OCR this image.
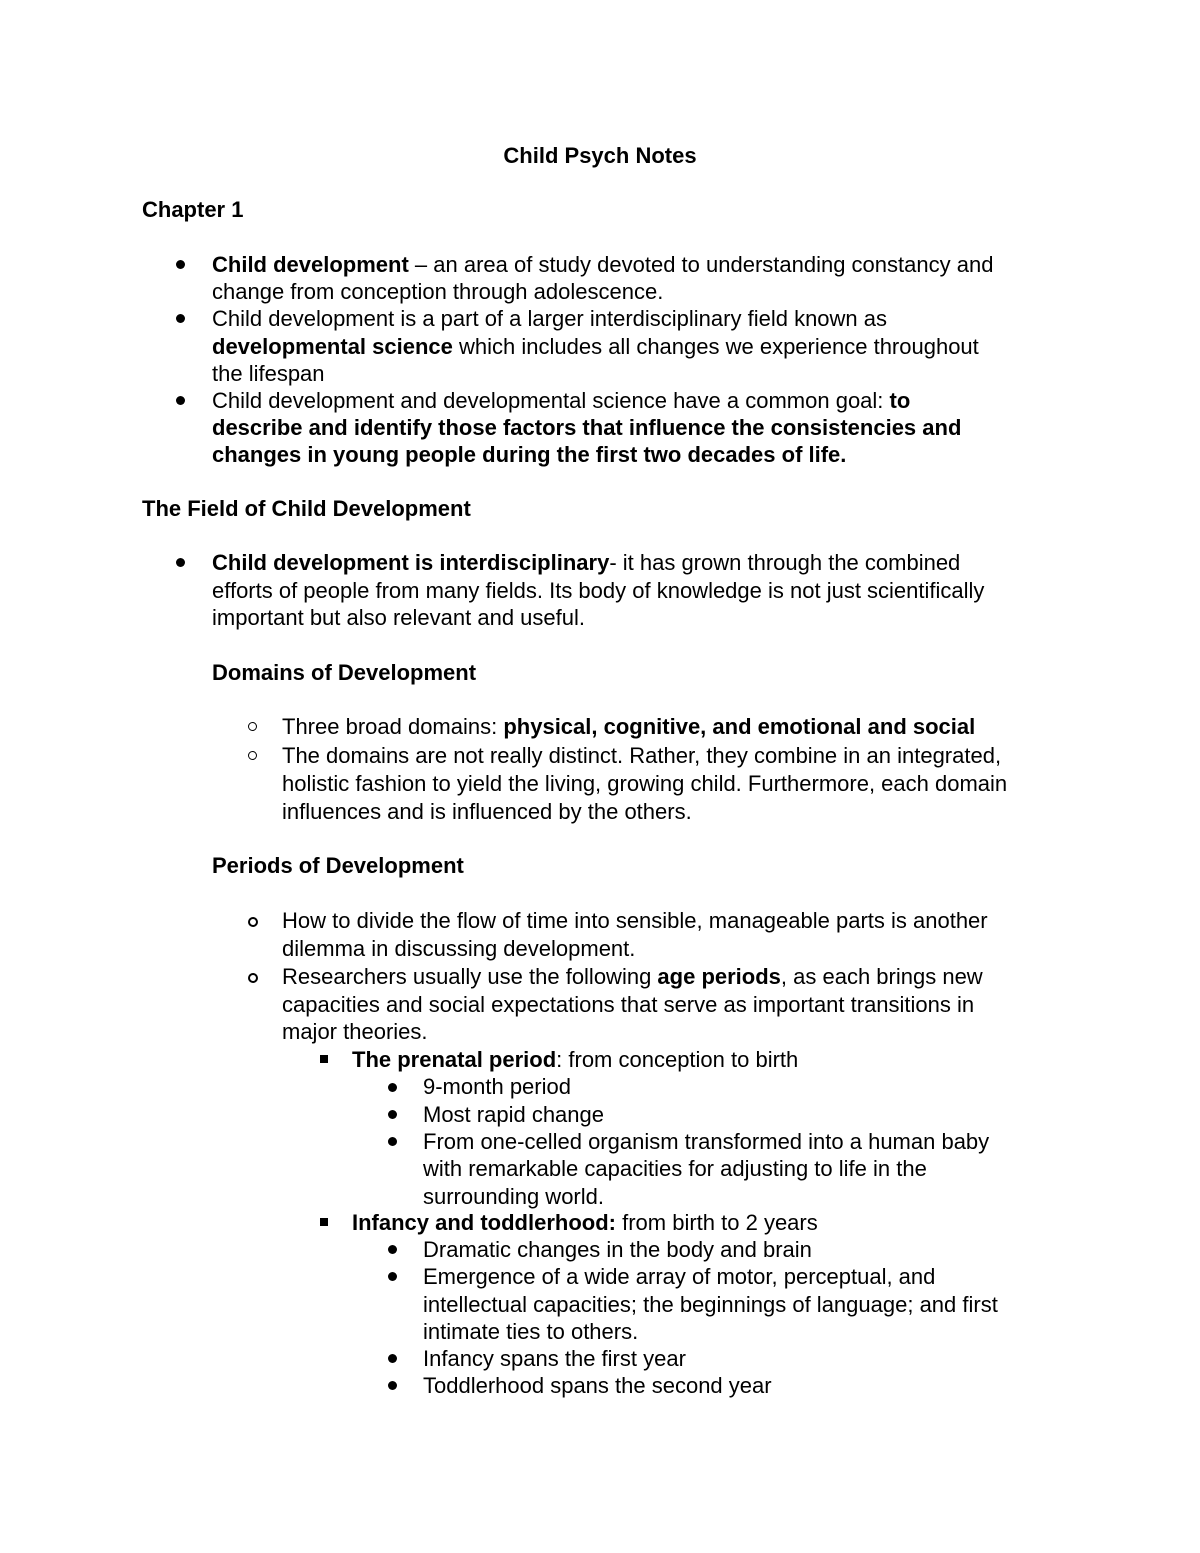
Child Psych Notes
Chapter 1
Child development – an area of study devoted to understanding constancy and
change from conception through adolescence.
Child development is a part of a larger interdisciplinary field known as
developmental science which includes all changes we experience throughout
the lifespan
Child development and developmental science have a common goal: to
describe and identify those factors that influence the consistencies and
changes in young people during the first two decades of life.
The Field of Child Development
Child development is interdisciplinary- it has grown through the combined
efforts of people from many fields. Its body of knowledge is not just scientifically
important but also relevant and useful.
Domains of Development
Three broad domains: physical, cognitive, and emotional and social
The domains are not really distinct. Rather, they combine in an integrated,
holistic fashion to yield the living, growing child. Furthermore, each domain
influences and is influenced by the others.
Periods of Development
How to divide the flow of time into sensible, manageable parts is another
dilemma in discussing development.
Researchers usually use the following age periods, as each brings new
capacities and social expectations that serve as important transitions in
major theories.
The prenatal period: from conception to birth
9-month period
Most rapid change
From one-celled organism transformed into a human baby
with remarkable capacities for adjusting to life in the
surrounding world.
Infancy and toddlerhood: from birth to 2 years
Dramatic changes in the body and brain
Emergence of a wide array of motor, perceptual, and
intellectual capacities; the beginnings of language; and first
intimate ties to others.
Infancy spans the first year
Toddlerhood spans the second year
